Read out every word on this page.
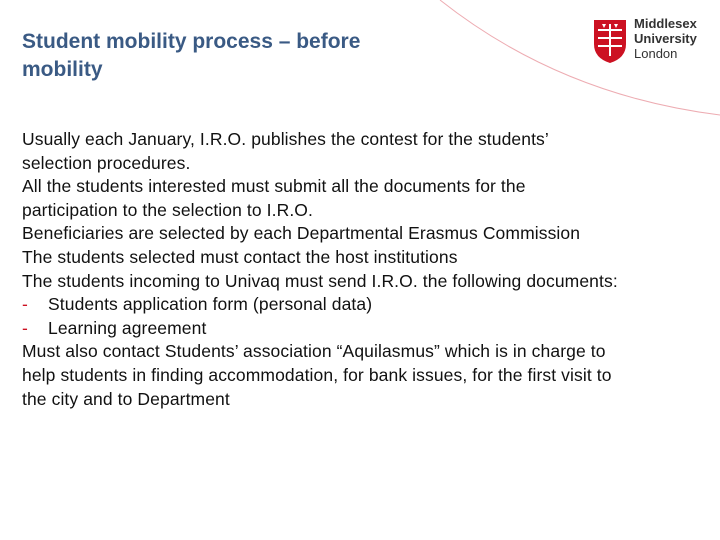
Student mobility process – before
mobility
Middlesex
University
London

Usually each January, I.R.O. publishes the contest for the students’

selection procedures.

All the students interested must submit all the documents for the

participation to the selection to I.R.O.

Beneficiaries are selected by each Departmental Erasmus Commission

The students selected must contact the host institutions

The students incoming to Univaq must send I.R.O. the following documents:

- Students application form (personal data)

- Learning agreement

Must also contact Students’ association “Aquilasmus” which is in charge to

help students in finding accommodation, for bank issues, for the first visit to

the city and to Department
